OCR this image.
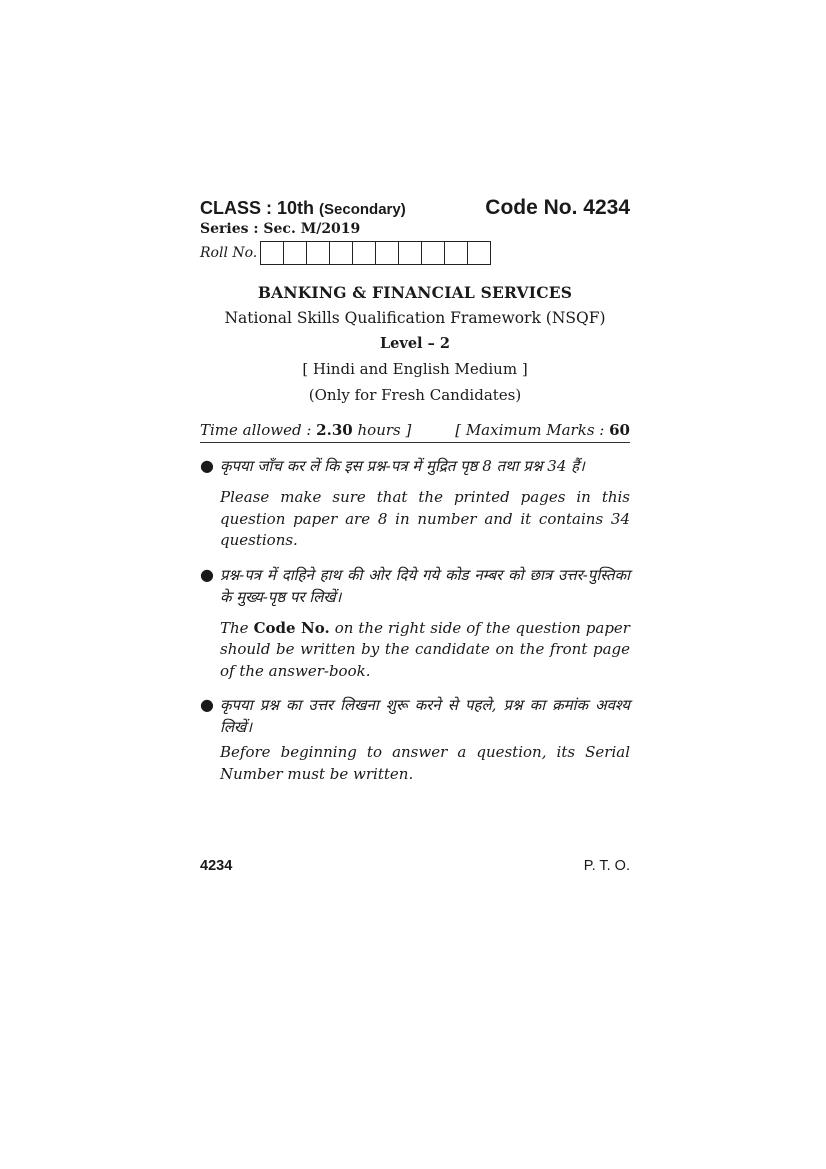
CLASS : 10th (Secondary)	Code No. 4234
Series : Sec. M/2019
Roll No.
BANKING & FINANCIAL SERVICES
National Skills Qualification Framework (NSQF)
Level – 2
[ Hindi and English Medium ]
(Only for Fresh Candidates)
Time allowed : 2.30 hours ]	[ Maximum Marks : 60
● कृपया जाँच कर लें कि इस प्रश्न-पत्र में मुद्रित पृष्ठ 8 तथा प्रश्न 34 हैं।
Please make sure that the printed pages in this question paper are 8 in number and it contains 34 questions.
● प्रश्न-पत्र में दाहिने हाथ की ओर दिये गये कोड नम्बर को छात्र उत्तर-पुस्तिका के मुख्य-पृष्ठ पर लिखें।
The Code No. on the right side of the question paper should be written by the candidate on the front page of the answer-book.
● कृपया प्रश्न का उत्तर लिखना शुरू करने से पहले, प्रश्न का क्रमांक अवश्य लिखें।
Before beginning to answer a question, its Serial Number must be written.
4234	P. T. O.
